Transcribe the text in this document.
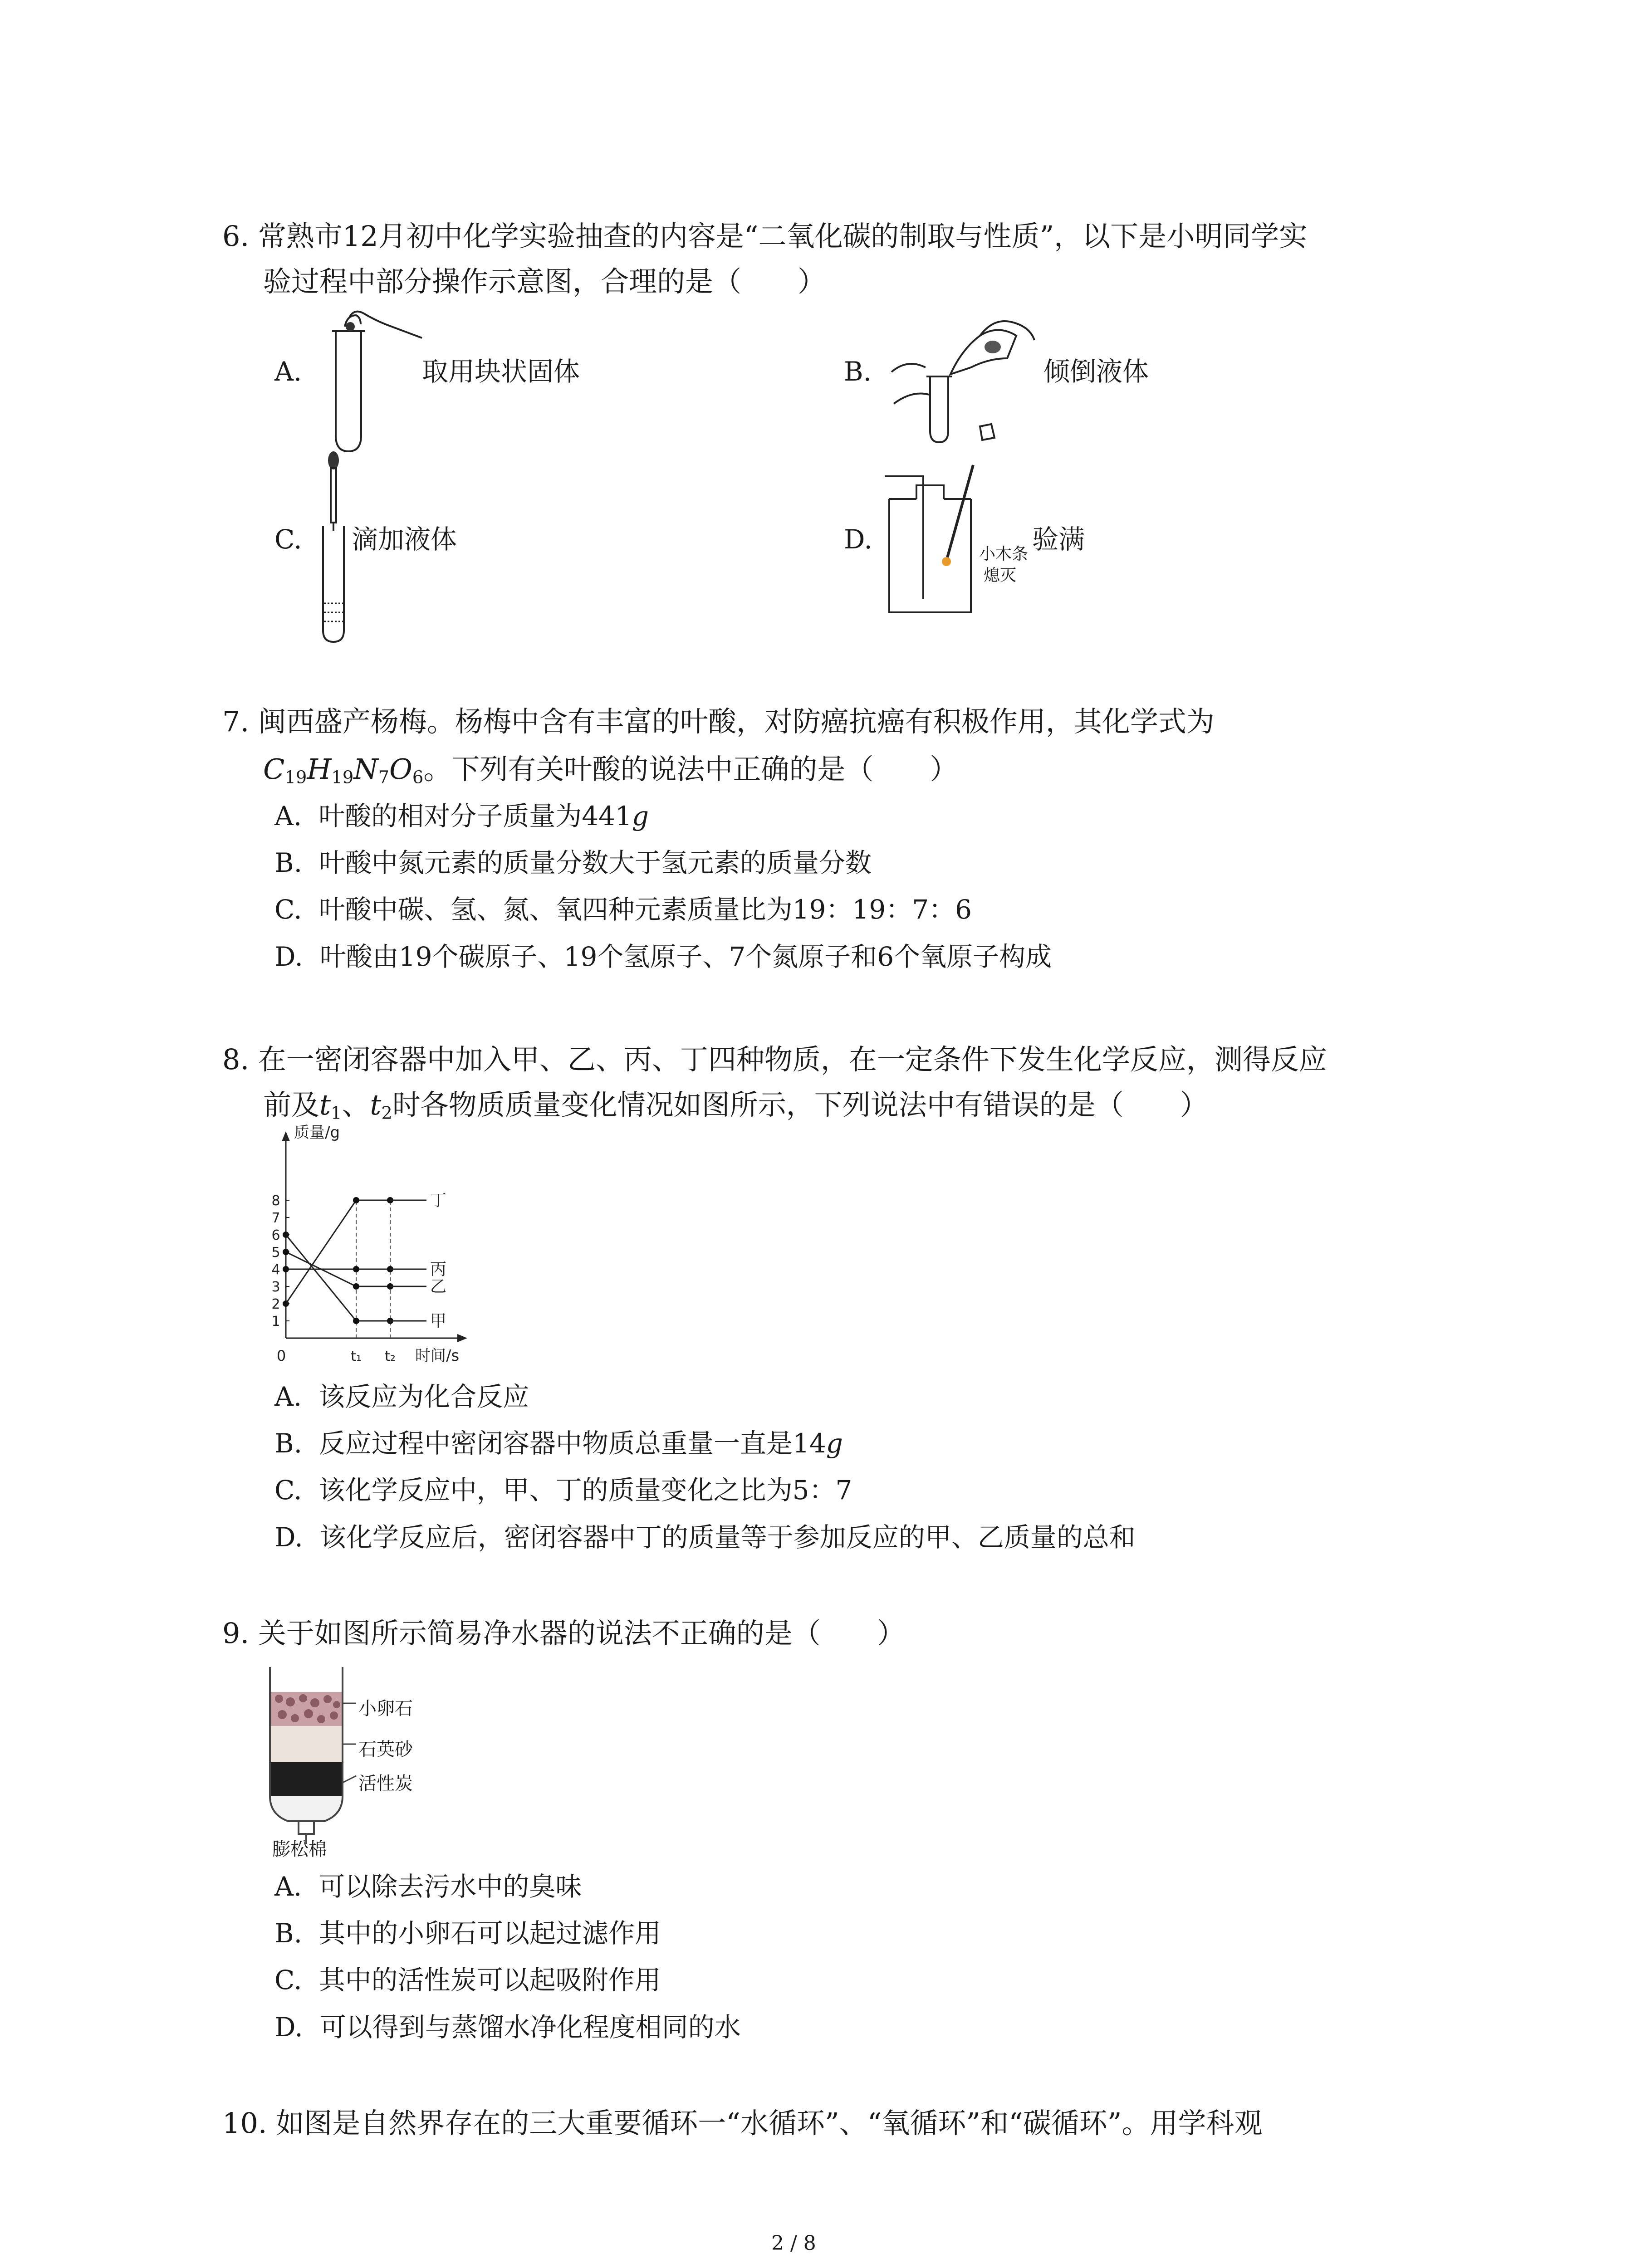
6. 常熟市12月初中化学实验抽查的内容是“二氧化碳的制取与性质”，以下是小明同学实
验过程中部分操作示意图，合理的是（　　）
A.	取用块状固体	B.	倾倒液体
C. 滴加液体	D.	小木条
熄灭
验满
7. 闽西盛产杨梅。杨梅中含有丰富的叶酸，对防癌抗癌有积极作用，其化学式为
$C_{19}H_{19}N_7O_6$。下列有关叶酸的说法中正确的是（　　）
A. 叶酸的相对分子质量为441g
B. 叶酸中氮元素的质量分数大于氢元素的质量分数
C. 叶酸中碳、氢、氮、氧四种元素质量比为19：19：7：6
D. 叶酸由19个碳原子、19个氢原子、7个氮原子和6个氧原子构成
8. 在一密闭容器中加入甲、乙、丙、丁四种物质，在一定条件下发生化学反应，测得反应
前及$t_1$、$t_2$时各物质质量变化情况如图所示，下列说法中有错误的是（　　）
质量/g
时间/s
0
1
2
3
4
5
6
7
8
t₁ t₂
丁
丙
乙
甲
A. 该反应为化合反应
B. 反应过程中密闭容器中物质总重量一直是14g
C. 该化学反应中，甲、丁的质量变化之比为5：7
D. 该化学反应后，密闭容器中丁的质量等于参加反应的甲、乙质量的总和
9. 关于如图所示简易净水器的说法不正确的是（　　）
小卵石
石英砂
活性炭
膨松棉
A. 可以除去污水中的臭味
B. 其中的小卵石可以起过滤作用
C. 其中的活性炭可以起吸附作用
D. 可以得到与蒸馏水净化程度相同的水
10. 如图是自然界存在的三大重要循环一“水循环”、“氧循环”和“碳循环”。用学科观
2 / 8
